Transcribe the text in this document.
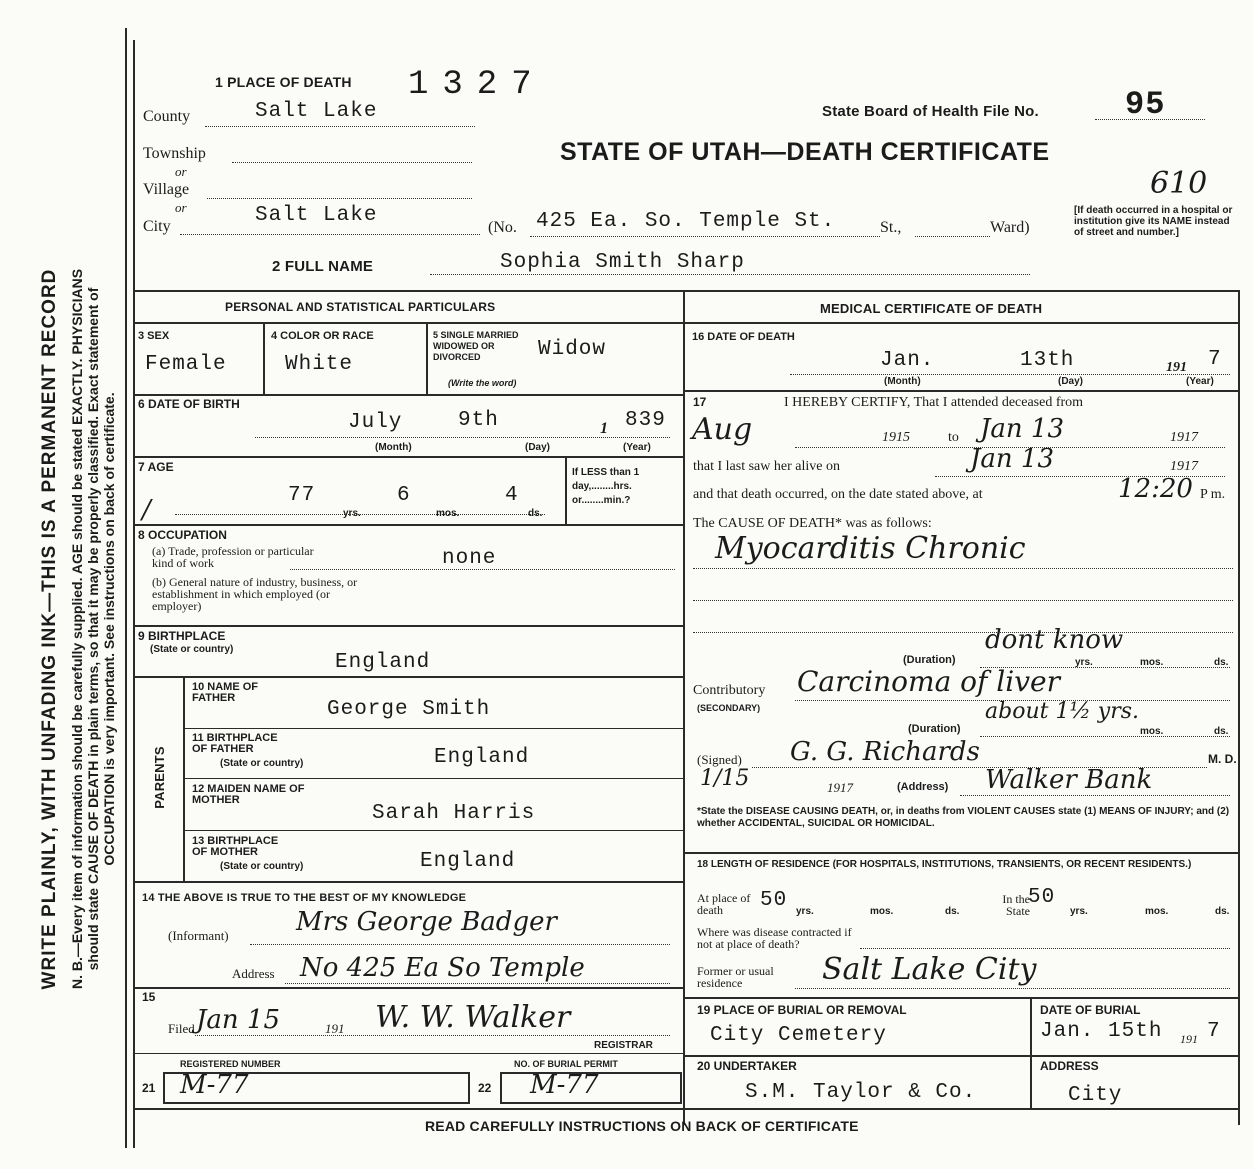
WRITE PLAINLY, WITH UNFADING INK—THIS IS A PERMANENT RECORD N. B.—Every item of information should be carefully supplied. AGE should be stated EXACTLY. PHYSICIANS should state CAUSE OF DEATH in plain terms, so that it may be properly classified. Exact statement of OCCUPATION is very important. See instructions on back of certificate.
1 PLACE OF DEATH 1327
County	Salt Lake	State Board of Health File No.	95
Township	STATE OF UTAH—DEATH CERTIFICATE
or
Village	610
or
City	Salt Lake
(No. 425 Ea. So. Temple St.	St.,	Ward)
[If death occurred in a hospital or institution give its NAME instead of street and number.]
2 FULL NAME	Sophia Smith Sharp
PERSONAL AND STATISTICAL PARTICULARS
3 SEX
Female
4 COLOR OR RACE
White
5 SINGLE MARRIED WIDOWED OR DIVORCED
(Write the word)
Widow
6 DATE OF BIRTH
July	9th	1 839
(Month)	(Day)	(Year)
7 AGE
/	77	6	4
yrs.	mos.	ds.
If LESS than 1 day,........hrs. or........min.?
8 OCCUPATION
(a) Trade, profession or particular kind of work	none
(b) General nature of industry, business, or establishment in which employed (or employer)
9 BIRTHPLACE
(State or country)
England
PARENTS
10 NAME OF FATHER	George Smith
11 BIRTHPLACE OF FATHER
(State or country)	England
12 MAIDEN NAME OF MOTHER
Sarah Harris
13 BIRTHPLACE OF MOTHER
(State or country)	England
14 THE ABOVE IS TRUE TO THE BEST OF MY KNOWLEDGE
(Informant)	Mrs George Badger
Address No 425 Ea So Temple
15
Filed Jan 15	191 W. W. Walker
REGISTRAR
REGISTERED NUMBER	NO. OF BURIAL PERMIT
21 M-77	22 M-77
MEDICAL CERTIFICATE OF DEATH
16 DATE OF DEATH
Jan.	13th	191 7
(Month)	(Day)	(Year)
17	I HEREBY CERTIFY, That I attended deceased from
Aug	1915	to Jan 13	1917
that I last saw her alive on	Jan 13	1917
and that death occurred, on the date stated above, at	12:20 P m.
The CAUSE OF DEATH* was as follows:
Myocarditis Chronic
dont know
(Duration)	yrs.	mos.	ds.
Contributory
(SECONDARY)
Carcinoma of liver
about 1½ yrs.
(Duration)	mos.	ds.
(Signed) G. G. Richards	M. D.
1/15	1917	(Address) Walker Bank
*State the DISEASE CAUSING DEATH, or, in deaths from VIOLENT CAUSES state (1) MEANS OF INJURY; and (2) whether ACCIDENTAL, SUICIDAL OR HOMICIDAL.
18 LENGTH OF RESIDENCE (FOR HOSPITALS, INSTITUTIONS, TRANSIENTS, OR RECENT RESIDENTS.)
At place of death	50 yrs.	mos.	ds.
In the State
50
yrs.	mos.	ds.
Where was disease contracted if not at place of death?
Former or usual residence	Salt Lake City
19 PLACE OF BURIAL OR REMOVAL
City Cemetery
DATE OF BURIAL
Jan. 15th 191 7
20 UNDERTAKER
S.M. Taylor & Co.
ADDRESS
City
READ CAREFULLY INSTRUCTIONS ON BACK OF CERTIFICATE
